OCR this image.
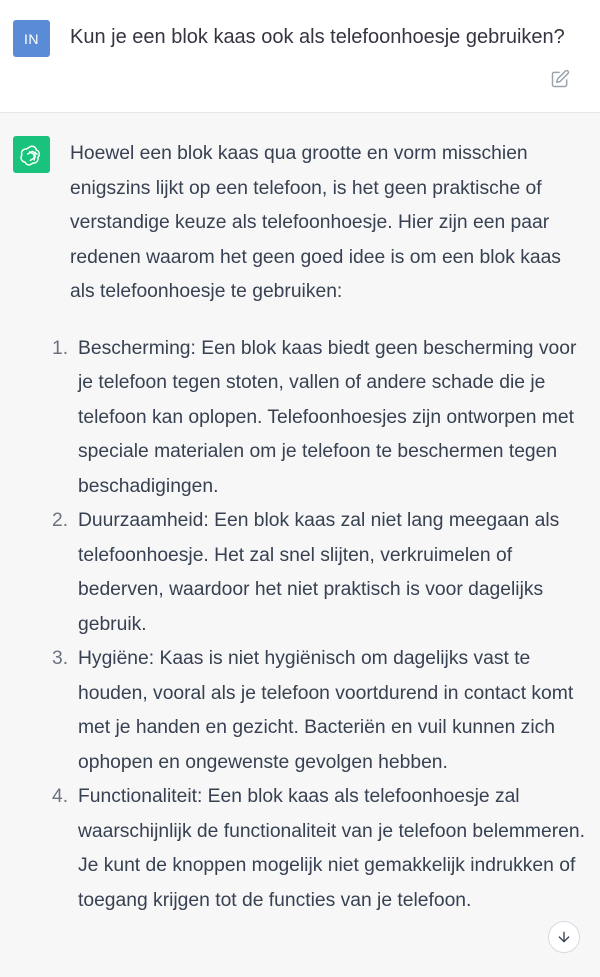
IN Kun je een blok kaas ook als telefoonhoesje gebruiken?

Hoewel een blok kaas qua grootte en vorm misschien enigszins lijkt op een telefoon, is het geen praktische of verstandige keuze als telefoonhoesje. Hier zijn een paar redenen waarom het geen goed idee is om een blok kaas als telefoonhoesje te gebruiken:

1. Bescherming: Een blok kaas biedt geen bescherming voor je telefoon tegen stoten, vallen of andere schade die je telefoon kan oplopen. Telefoonhoesjes zijn ontworpen met speciale materialen om je telefoon te beschermen tegen beschadigingen.
2. Duurzaamheid: Een blok kaas zal niet lang meegaan als telefoonhoesje. Het zal snel slijten, verkruimelen of bederven, waardoor het niet praktisch is voor dagelijks gebruik.
3. Hygiëne: Kaas is niet hygiënisch om dagelijks vast te houden, vooral als je telefoon voortdurend in contact komt met je handen en gezicht. Bacteriën en vuil kunnen zich ophopen en ongewenste gevolgen hebben.
4. Functionaliteit: Een blok kaas als telefoonhoesje zal waarschijnlijk de functionaliteit van je telefoon belemmeren. Je kunt de knoppen mogelijk niet gemakkelijk indrukken of toegang krijgen tot de functies van je telefoon.
